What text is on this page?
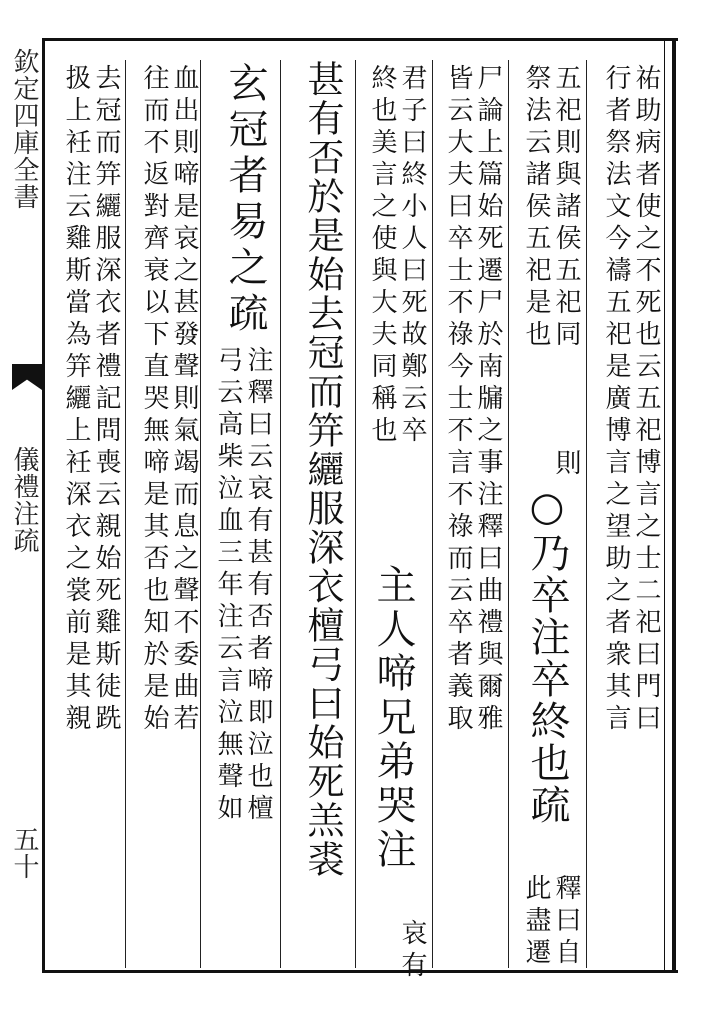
欽定四庫全書
儀禮注疏
五十
祐助病者使之不死也云五祀博言之士二祀曰門曰
行者祭法文今禱五祀是廣博言之望助之者衆其言
五祀則與諸侯五祀同
祭法云諸侯五祀是也
則
○乃卒注卒終也疏
釋曰自
此盡遷
尸論上篇始死遷尸於南牖之事注釋曰曲禮與爾雅
皆云大夫曰卒士不祿今士不言不祿而云卒者義取
君子曰終小人曰死故鄭云卒
終也美言之使與大夫同稱也
主人啼兄弟哭注
哀有
甚有否於是始去冠而笄纚服深衣檀弓曰始死羔裘
玄冠者易之疏
注釋曰云哀有甚有否者啼即泣也檀
弓云高柴泣血三年注云言泣無聲如
血出則啼是哀之甚發聲則氣竭而息之聲不委曲若
往而不返對齊衰以下直哭無啼是其否也知於是始
去冠而笄纚服深衣者禮記問喪云親始死雞斯徒跣
扱上衽注云雞斯當為笄纚上衽深衣之裳前是其親
